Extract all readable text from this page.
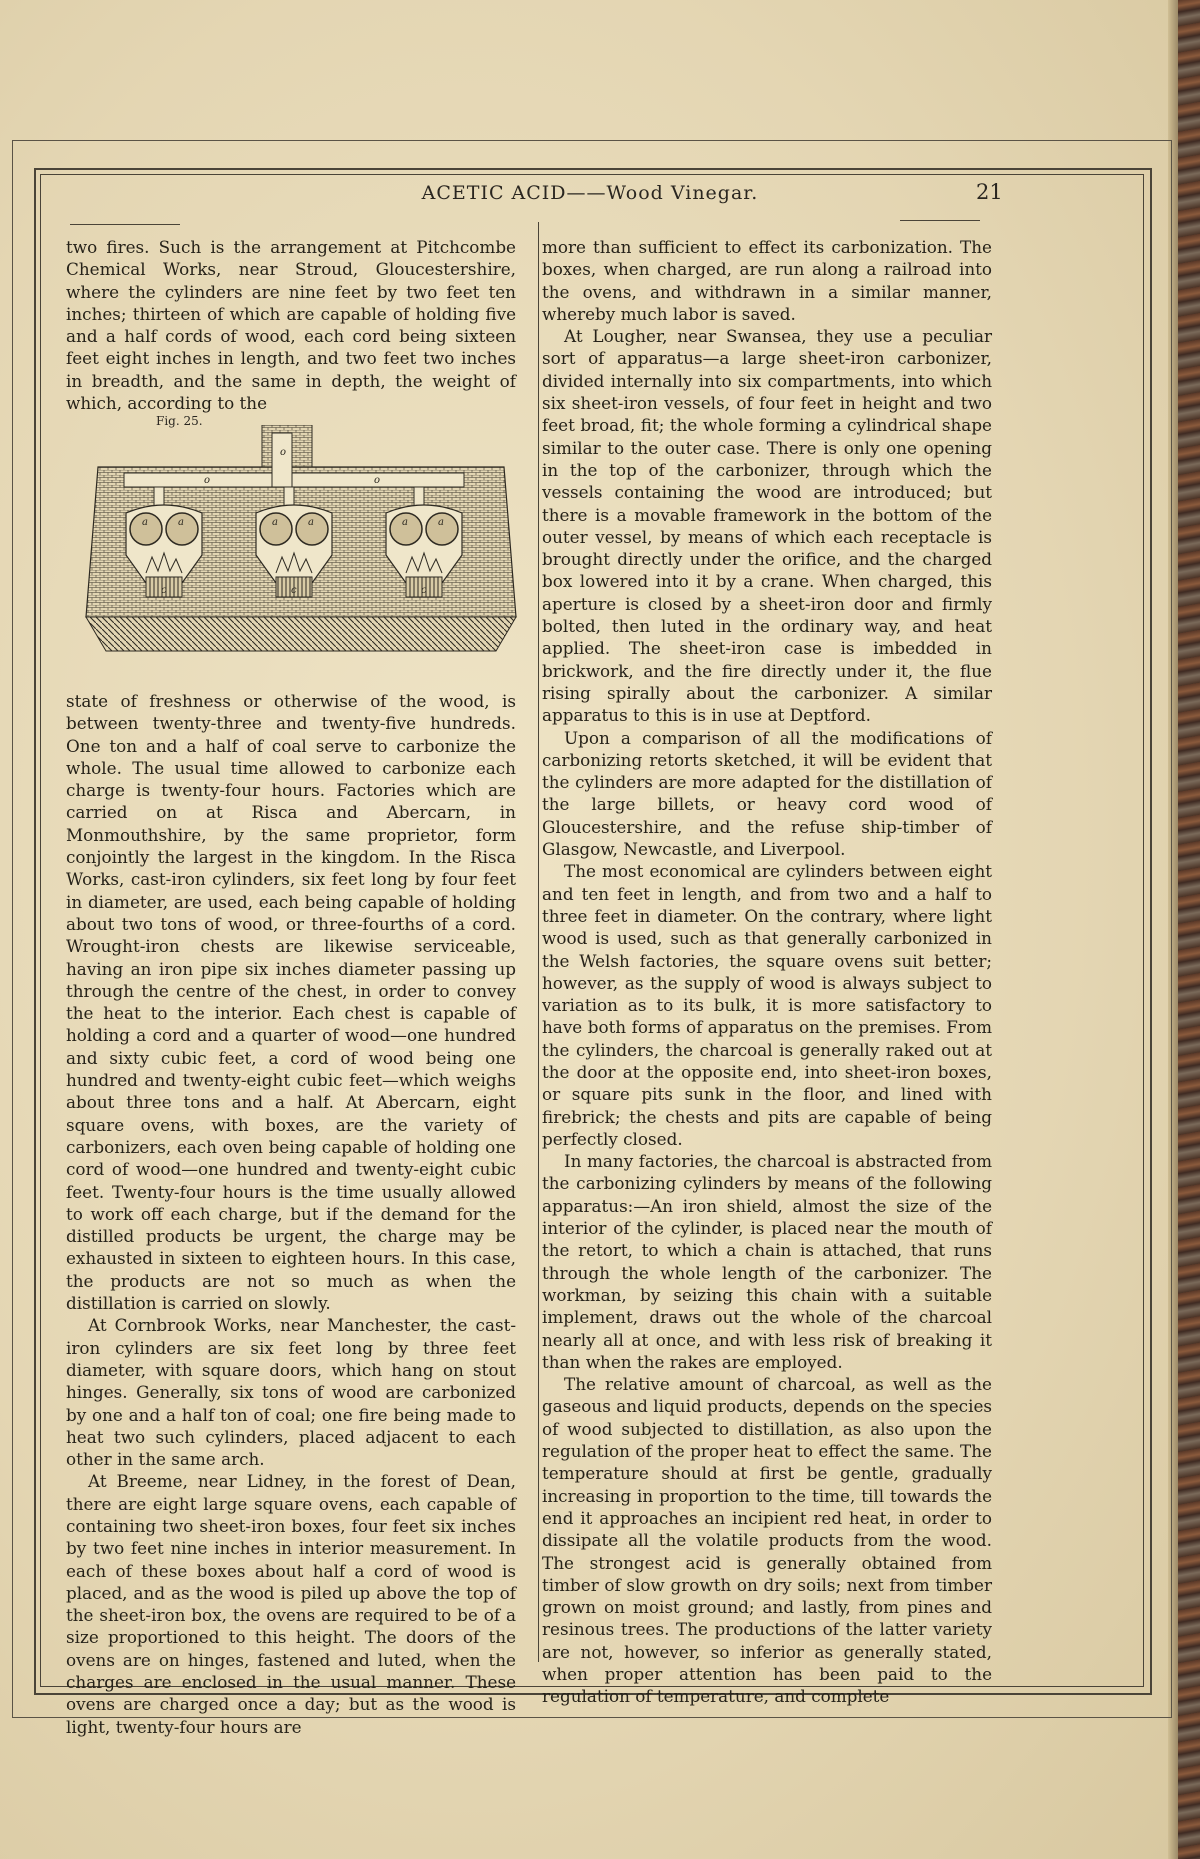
ACETIC ACID——Wood Vinegar.	21

two fires. Such is the arrangement at Pitchcombe Chemical Works, near Stroud, Gloucestershire, where the cylinders are nine feet by two feet ten inches; thirteen of which are capable of holding five and a half cords of wood, each cord being sixteen feet eight inches in length, and two feet two inches in breadth, and the same in depth, the weight of which, according to the

Fig. 25.
o
o
o
a	a	a	a	a	a
c	c	c

state of freshness or otherwise of the wood, is between twenty-three and twenty-five hundreds. One ton and a half of coal serve to carbonize the whole. The usual time allowed to carbonize each charge is twenty-four hours. Factories which are carried on at Risca and Abercarn, in Monmouthshire, by the same proprietor, form conjointly the largest in the kingdom. In the Risca Works, cast-iron cylinders, six feet long by four feet in diameter, are used, each being capable of holding about two tons of wood, or three-fourths of a cord. Wrought-iron chests are likewise serviceable, having an iron pipe six inches diameter passing up through the centre of the chest, in order to convey the heat to the interior. Each chest is capable of holding a cord and a quarter of wood—one hundred and sixty cubic feet, a cord of wood being one hundred and twenty-eight cubic feet—which weighs about three tons and a half. At Abercarn, eight square ovens, with boxes, are the variety of carbonizers, each oven being capable of holding one cord of wood—one hundred and twenty-eight cubic feet. Twenty-four hours is the time usually allowed to work off each charge, but if the demand for the distilled products be urgent, the charge may be exhausted in sixteen to eighteen hours. In this case, the products are not so much as when the distillation is carried on slowly.

At Cornbrook Works, near Manchester, the cast-iron cylinders are six feet long by three feet diameter, with square doors, which hang on stout hinges. Generally, six tons of wood are carbonized by one and a half ton of coal; one fire being made to heat two such cylinders, placed adjacent to each other in the same arch.

At Breeme, near Lidney, in the forest of Dean, there are eight large square ovens, each capable of containing two sheet-iron boxes, four feet six inches by two feet nine inches in interior measurement. In each of these boxes about half a cord of wood is placed, and as the wood is piled up above the top of the sheet-iron box, the ovens are required to be of a size proportioned to this height. The doors of the ovens are on hinges, fastened and luted, when the charges are enclosed in the usual manner. These ovens are charged once a day; but as the wood is light, twenty-four hours are

more than sufficient to effect its carbonization. The boxes, when charged, are run along a railroad into the ovens, and withdrawn in a similar manner, whereby much labor is saved.

At Lougher, near Swansea, they use a peculiar sort of apparatus—a large sheet-iron carbonizer, divided internally into six compartments, into which six sheet-iron vessels, of four feet in height and two feet broad, fit; the whole forming a cylindrical shape similar to the outer case. There is only one opening in the top of the carbonizer, through which the vessels containing the wood are introduced; but there is a movable framework in the bottom of the outer vessel, by means of which each receptacle is brought directly under the orifice, and the charged box lowered into it by a crane. When charged, this aperture is closed by a sheet-iron door and firmly bolted, then luted in the ordinary way, and heat applied. The sheet-iron case is imbedded in brickwork, and the fire directly under it, the flue rising spirally about the carbonizer. A similar apparatus to this is in use at Deptford.

Upon a comparison of all the modifications of carbonizing retorts sketched, it will be evident that the cylinders are more adapted for the distillation of the large billets, or heavy cord wood of Gloucestershire, and the refuse ship-timber of Glasgow, Newcastle, and Liverpool.

The most economical are cylinders between eight and ten feet in length, and from two and a half to three feet in diameter. On the contrary, where light wood is used, such as that generally carbonized in the Welsh factories, the square ovens suit better; however, as the supply of wood is always subject to variation as to its bulk, it is more satisfactory to have both forms of apparatus on the premises. From the cylinders, the charcoal is generally raked out at the door at the opposite end, into sheet-iron boxes, or square pits sunk in the floor, and lined with firebrick; the chests and pits are capable of being perfectly closed.

In many factories, the charcoal is abstracted from the carbonizing cylinders by means of the following apparatus:—An iron shield, almost the size of the interior of the cylinder, is placed near the mouth of the retort, to which a chain is attached, that runs through the whole length of the carbonizer. The workman, by seizing this chain with a suitable implement, draws out the whole of the charcoal nearly all at once, and with less risk of breaking it than when the rakes are employed.

The relative amount of charcoal, as well as the gaseous and liquid products, depends on the species of wood subjected to distillation, as also upon the regulation of the proper heat to effect the same. The temperature should at first be gentle, gradually increasing in proportion to the time, till towards the end it approaches an incipient red heat, in order to dissipate all the volatile products from the wood. The strongest acid is generally obtained from timber of slow growth on dry soils; next from timber grown on moist ground; and lastly, from pines and resinous trees. The productions of the latter variety are not, however, so inferior as generally stated, when proper attention has been paid to the regulation of temperature, and complete
